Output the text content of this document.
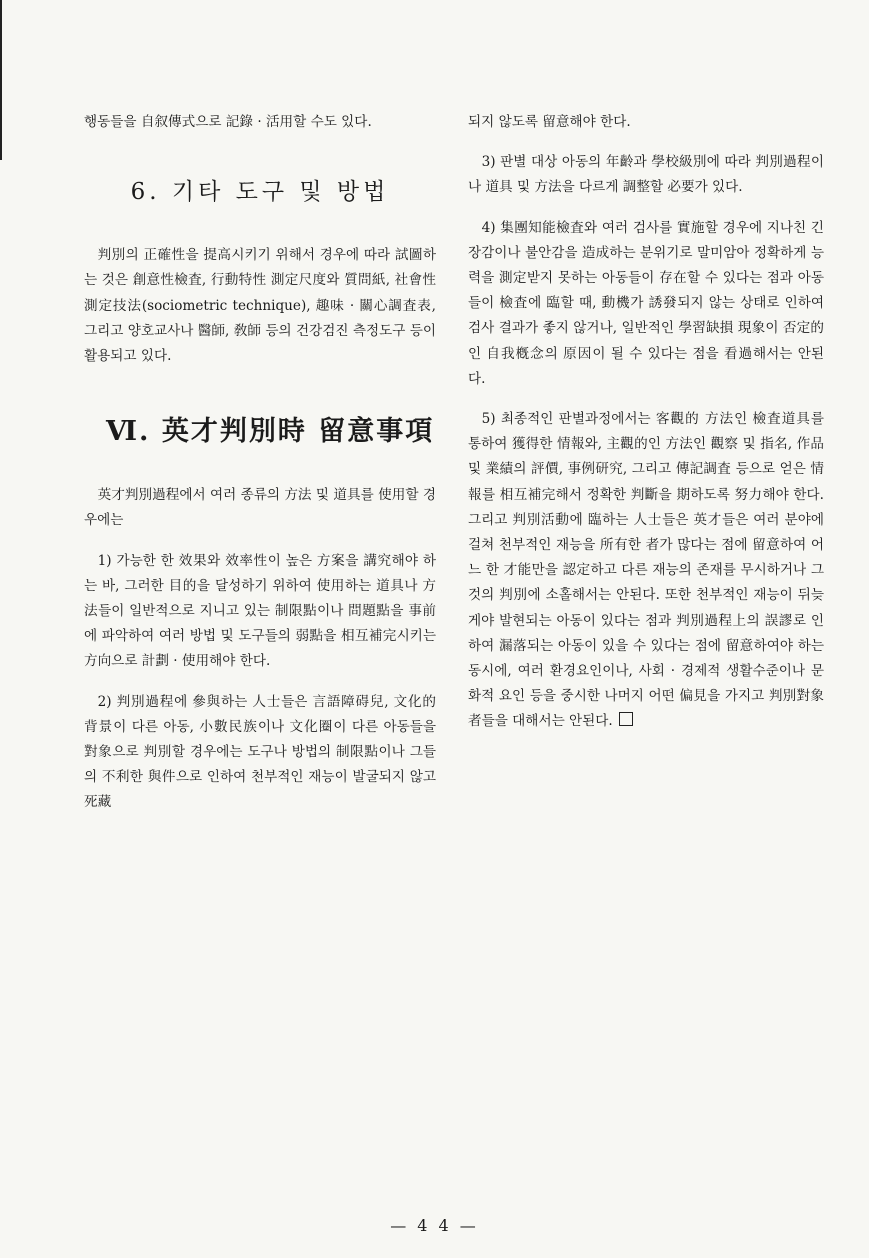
행동들을 自叙傳式으로 記錄 · 活用할 수도 있다.

6. 기타 도구 및 방법

判別의 正確性을 提高시키기 위해서 경우에 따라 試圖하는 것은 創意性檢査, 行動特性 測定尺度와 質問紙, 社會性 測定技法(sociometric technique), 趣味 · 關心調査表, 그리고 양호교사나 醫師, 敎師 등의 건강검진 측정도구 등이 활용되고 있다.

Ⅵ. 英才判別時 留意事項

英才判別過程에서 여러 종류의 方法 및 道具를 使用할 경우에는

1) 가능한 한 效果와 效率性이 높은 方案을 講究해야 하는 바, 그러한 目的을 달성하기 위하여 使用하는 道具나 方法들이 일반적으로 지니고 있는 制限點이나 問題點을 事前에 파악하여 여러 방법 및 도구들의 弱點을 相互補完시키는 方向으로 計劃 · 使用해야 한다.

2) 判別過程에 參與하는 人士들은 言語障碍兒, 文化的 背景이 다른 아동, 小數民族이나 文化圈이 다른 아동들을 對象으로 判別할 경우에는 도구나 방법의 制限點이나 그들의 不利한 與件으로 인하여 천부적인 재능이 발굴되지 않고 死藏

되지 않도록 留意해야 한다.

3) 판별 대상 아동의 年齡과 學校級別에 따라 判別過程이나 道具 및 方法을 다르게 調整할 必要가 있다.

4) 集團知能檢査와 여러 검사를 實施할 경우에 지나친 긴장감이나 불안감을 造成하는 분위기로 말미암아 정확하게 능력을 測定받지 못하는 아동들이 存在할 수 있다는 점과 아동들이 檢査에 臨할 때, 動機가 誘發되지 않는 상태로 인하여 검사 결과가 좋지 않거나, 일반적인 學習缺損 現象이 否定的인 自我槪念의 原因이 될 수 있다는 점을 看過해서는 안된다.

5) 최종적인 판별과정에서는 客觀的 方法인 檢査道具를 통하여 獲得한 情報와, 主觀的인 方法인 觀察 및 指名, 作品 및 業績의 評價, 事例研究, 그리고 傳記調査 등으로 얻은 情報를 相互補完해서 정확한 判斷을 期하도록 努力해야 한다. 그리고 判別活動에 臨하는 人士들은 英才들은 여러 분야에 걸쳐 천부적인 재능을 所有한 者가 많다는 점에 留意하여 어느 한 才能만을 認定하고 다른 재능의 존재를 무시하거나 그것의 判別에 소홀해서는 안된다. 또한 천부적인 재능이 뒤늦게야 발현되는 아동이 있다는 점과 判別過程上의 誤謬로 인하여 漏落되는 아동이 있을 수 있다는 점에 留意하여야 하는 동시에, 여러 환경요인이나, 사회 · 경제적 생활수준이나 문화적 요인 등을 중시한 나머지 어떤 偏見을 가지고 判別對象者들을 대해서는 안된다.

— 4 4 —
